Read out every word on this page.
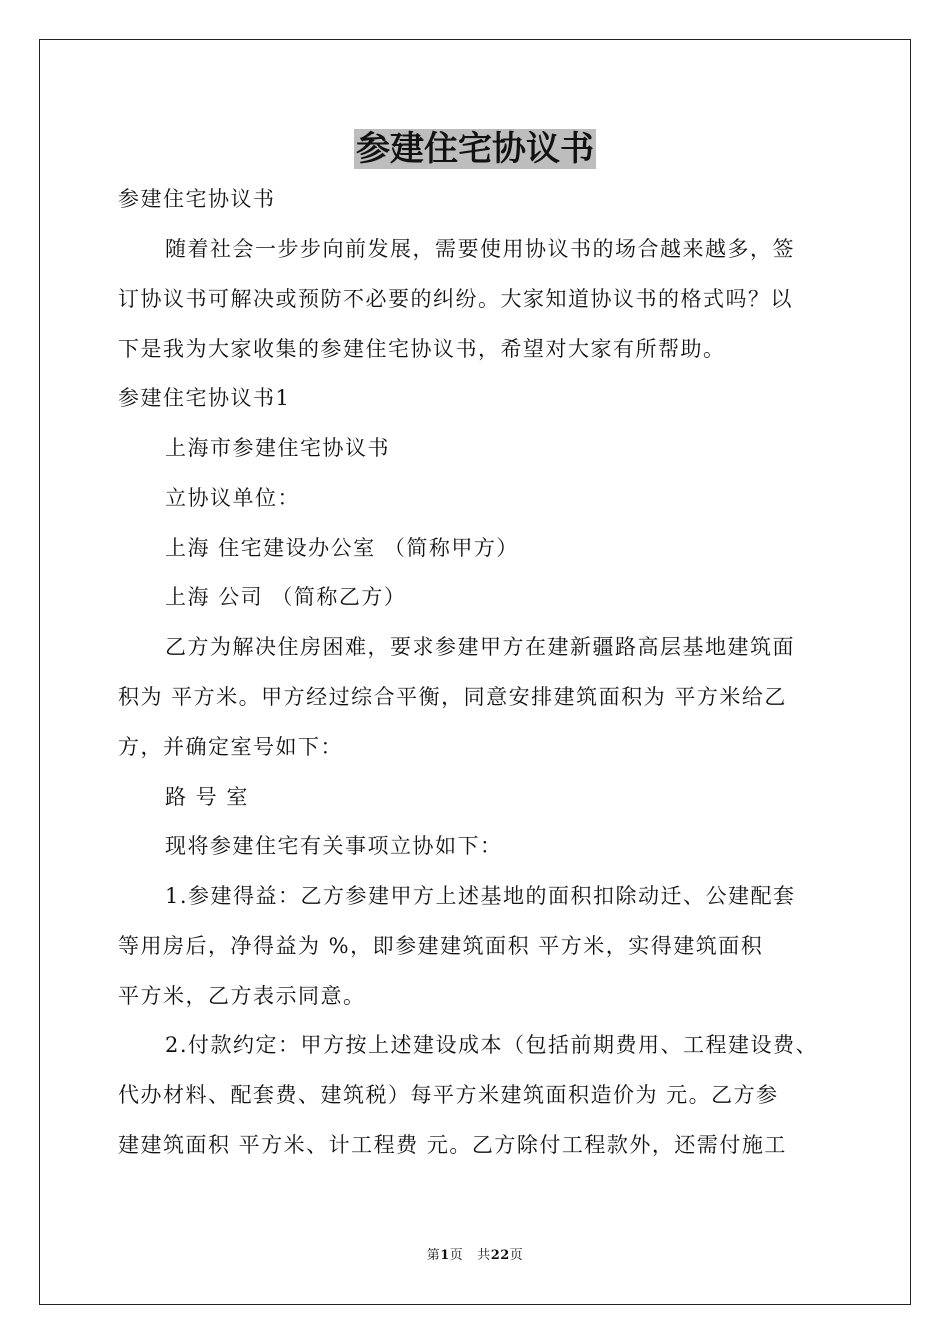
参建住宅协议书

参建住宅协议书

随着社会一步步向前发展，需要使用协议书的场合越来越多，签

订协议书可解决或预防不必要的纠纷。大家知道协议书的格式吗？以

下是我为大家收集的参建住宅协议书，希望对大家有所帮助。

参建住宅协议书1

上海市参建住宅协议书

立协议单位：

上海 住宅建设办公室 （简称甲方）

上海 公司 （简称乙方）

乙方为解决住房困难，要求参建甲方在建新疆路高层基地建筑面

积为 平方米。甲方经过综合平衡，同意安排建筑面积为 平方米给乙

方，并确定室号如下：

路 号 室

现将参建住宅有关事项立协如下：

1.参建得益：乙方参建甲方上述基地的面积扣除动迁、公建配套

等用房后，净得益为 %，即参建建筑面积 平方米，实得建筑面积

平方米，乙方表示同意。

2.付款约定：甲方按上述建设成本（包括前期费用、工程建设费、

代办材料、配套费、建筑税）每平方米建筑面积造价为 元。乙方参

建建筑面积 平方米、计工程费 元。乙方除付工程款外，还需付施工

第1页 共22页
